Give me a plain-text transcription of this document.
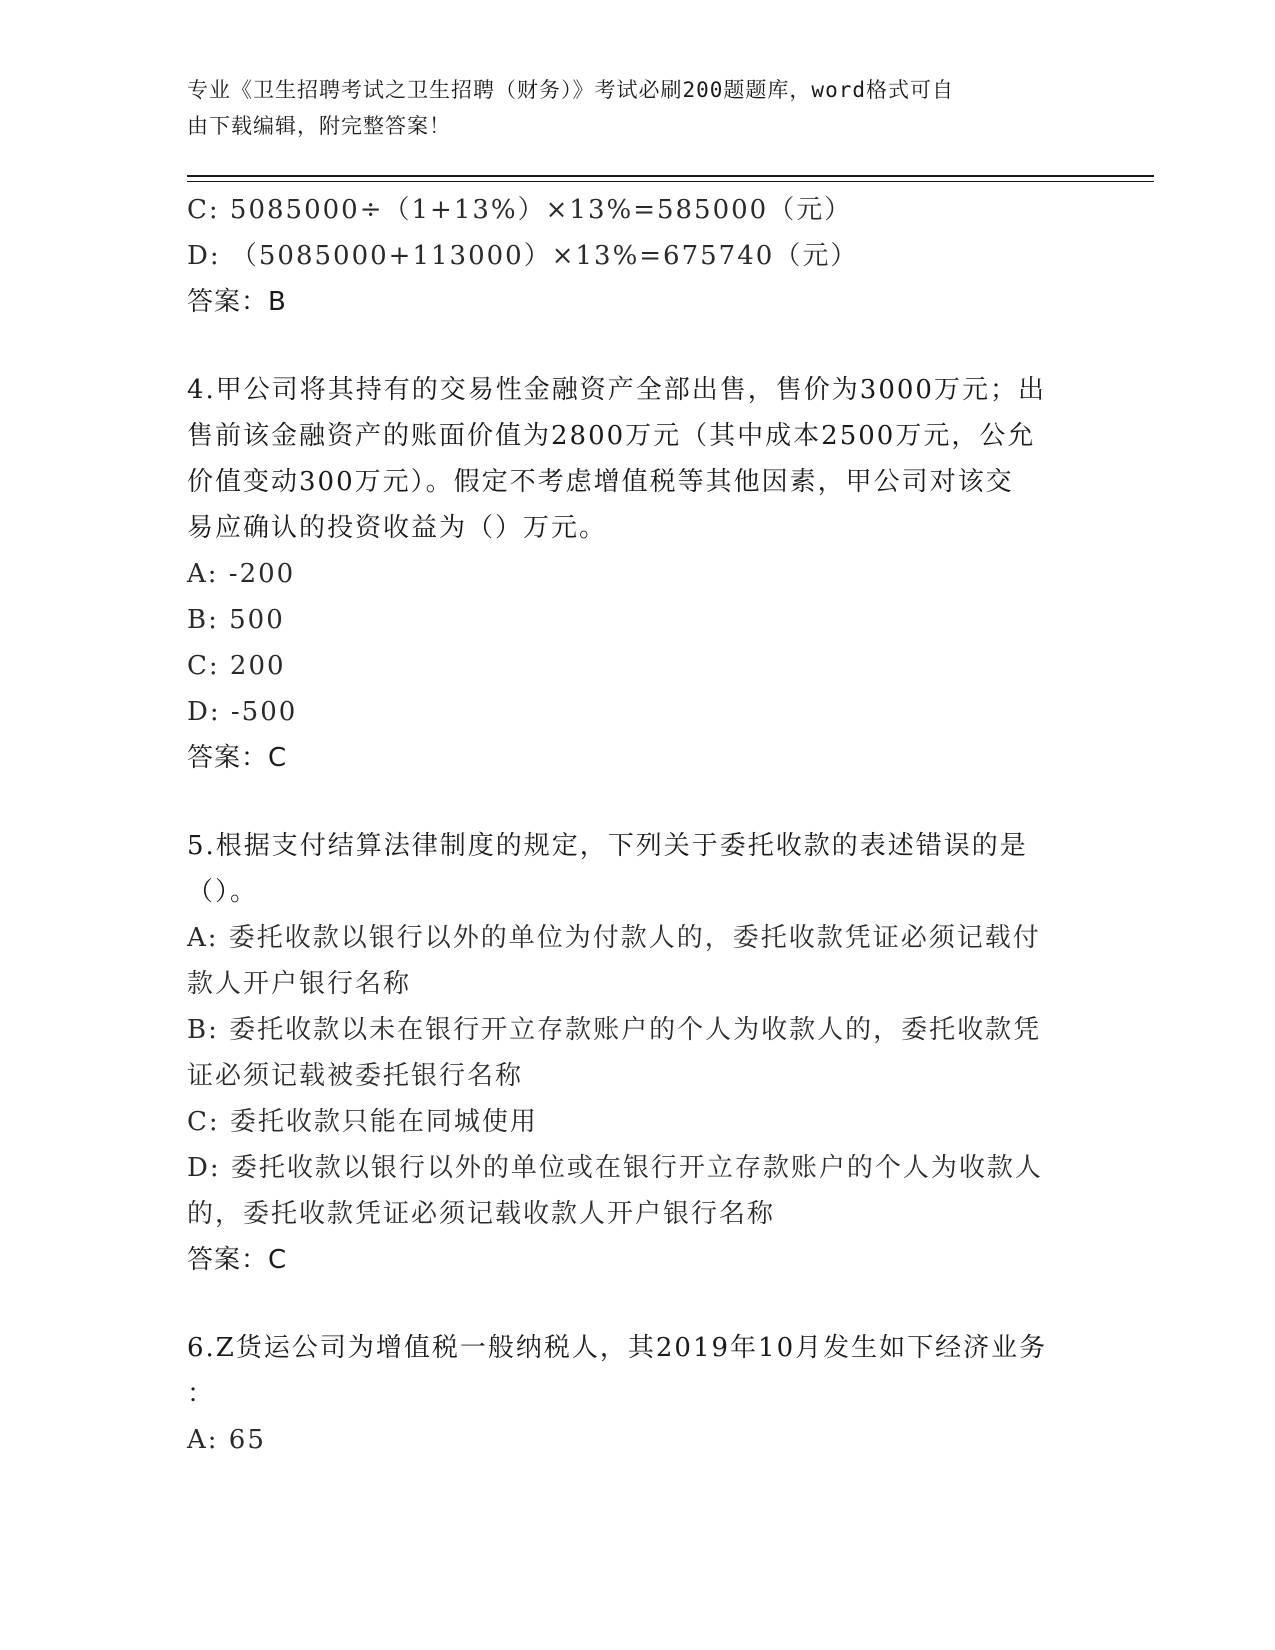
专业《卫生招聘考试之卫生招聘（财务）》考试必刷200题题库，word格式可自
由下载编辑，附完整答案！
C: 5085000÷（1+13%）×13%=585000（元）
D: （5085000+113000）×13%=675740（元）
答案：B
4.甲公司将其持有的交易性金融资产全部出售，售价为3000万元；出
售前该金融资产的账面价值为2800万元（其中成本2500万元，公允
价值变动300万元）。假定不考虑增值税等其他因素，甲公司对该交
易应确认的投资收益为（）万元。
A: -200
B: 500
C: 200
D: -500
答案：C
5.根据支付结算法律制度的规定，下列关于委托收款的表述错误的是
（）。
A: 委托收款以银行以外的单位为付款人的，委托收款凭证必须记载付
款人开户银行名称
B: 委托收款以未在银行开立存款账户的个人为收款人的，委托收款凭
证必须记载被委托银行名称
C: 委托收款只能在同城使用
D: 委托收款以银行以外的单位或在银行开立存款账户的个人为收款人
的，委托收款凭证必须记载收款人开户银行名称
答案：C
6.Z货运公司为增值税一般纳税人，其2019年10月发生如下经济业务
：
A: 65
